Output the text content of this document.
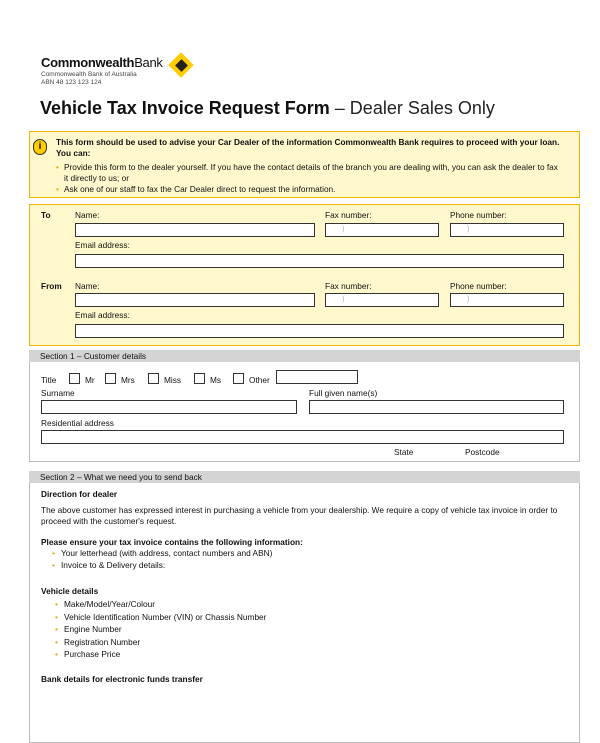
CommonwealthBank
Commonwealth Bank of Australia
ABN 48 123 123 124
Vehicle Tax Invoice Request Form – Dealer Sales Only
i	This form should be used to advise your Car Dealer of the information Commonwealth Bank requires to proceed with your loan. You can:
• Provide this form to the dealer yourself. If you have the contact details of the branch you are dealing with, you can ask the dealer to fax it directly to us; or
• Ask one of our staff to fax the Car Dealer direct to request the information.
To	Name:	Fax number:	Phone number:
)	)
Email address:
From Name:	Fax number:	Phone number:
)	)
Email address:
Section 1 – Customer details
Title	Mr	Mrs	Miss	Ms	Other
Surname	Full given name(s)
Residential address
State	Postcode
Section 2 – What we need you to send back
Direction for dealer
The above customer has expressed interest in purchasing a vehicle from your dealership. We require a copy of vehicle tax invoice in order to proceed with the customer's request.
Please ensure your tax invoice contains the following information:
• Your letterhead (with address, contact numbers and ABN)
• Invoice to & Delivery details:
Vehicle details
• Make/Model/Year/Colour
• Vehicle Identification Number (VIN) or Chassis Number
• Engine Number
• Registration Number
• Purchase Price
Bank details for electronic funds transfer
